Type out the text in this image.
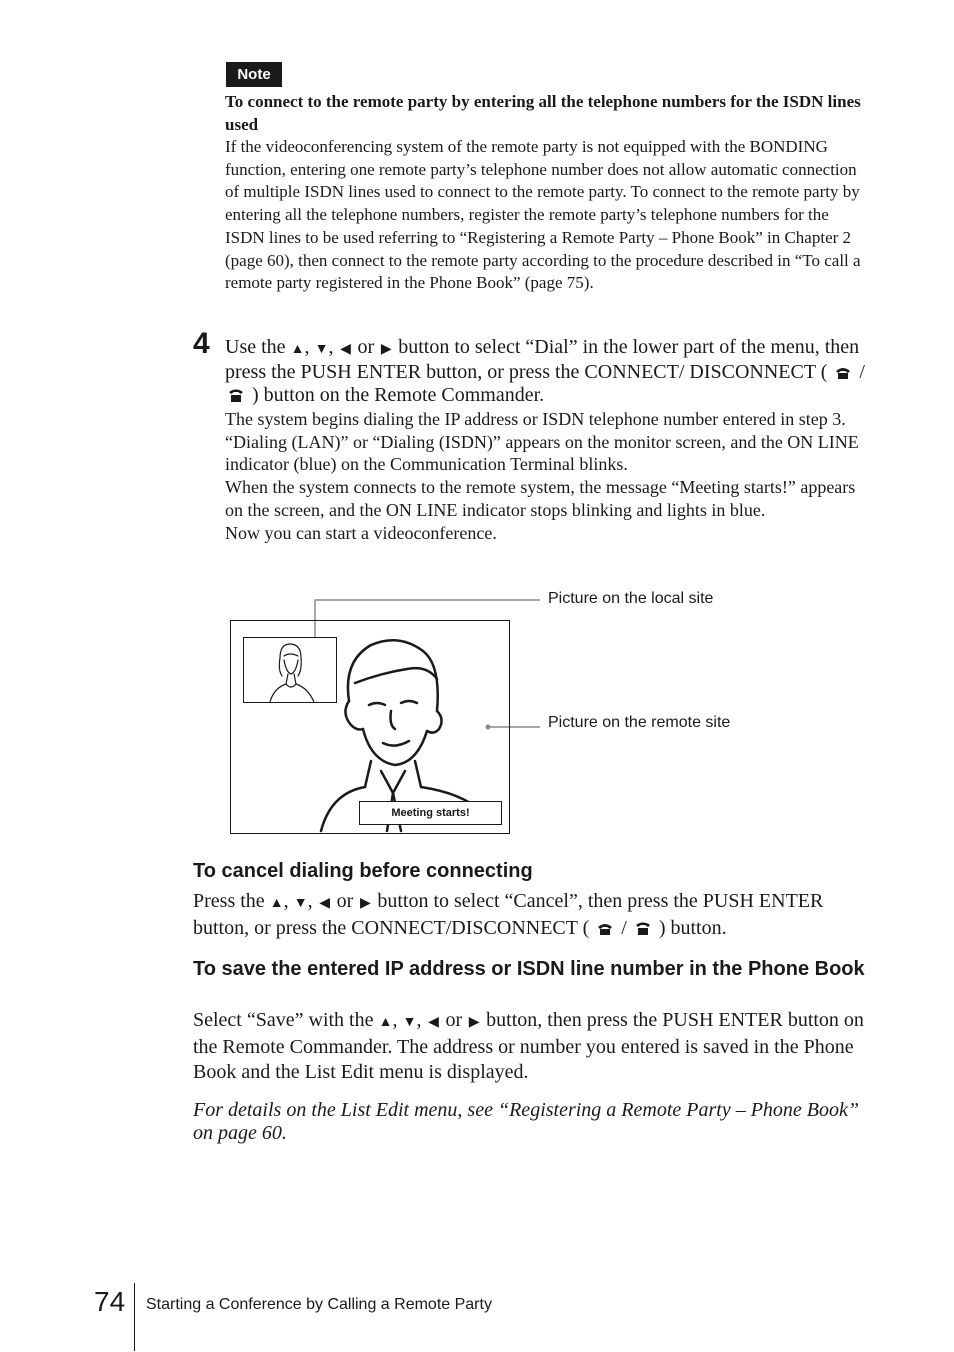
Note
To connect to the remote party by entering all the telephone numbers for the ISDN lines used

If the videoconferencing system of the remote party is not equipped with the BONDING function, entering one remote party’s telephone number does not allow automatic connection of multiple ISDN lines used to connect to the remote party. To connect to the remote party by entering all the telephone numbers, register the remote party’s telephone numbers for the ISDN lines to be used referring to “Registering a Remote Party – Phone Book” in Chapter 2 (page 60), then connect to the remote party according to the procedure described in “To call a remote party registered in the Phone Book” (page 75).

4 Use the ▲, ▼, ◀ or ▶ button to select “Dial” in the lower part of the menu, then press the PUSH ENTER button, or press the CONNECT/ DISCONNECT (  /  ) button on the Remote Commander.

The system begins dialing the IP address or ISDN telephone number entered in step 3. “Dialing (LAN)” or “Dialing (ISDN)” appears on the monitor screen, and the ON LINE indicator (blue) on the Communication Terminal blinks.

When the system connects to the remote system, the message “Meeting starts!” appears on the screen, and the ON LINE indicator stops blinking and lights in blue.

Now you can start a videoconference.

Picture on the local site
Picture on the remote site
Meeting starts!
To cancel dialing before connecting

Press the ▲, ▼, ◀ or ▶ button to select “Cancel”, then press the PUSH ENTER button, or press the CONNECT/DISCONNECT (  /  ) button.

To save the entered IP address or ISDN line number in the Phone Book

Select “Save” with the ▲, ▼, ◀ or ▶ button, then press the PUSH ENTER button on the Remote Commander. The address or number you entered is saved in the Phone Book and the List Edit menu is displayed.

For details on the List Edit menu, see “Registering a Remote Party – Phone Book” on page 60.
74 Starting a Conference by Calling a Remote Party
